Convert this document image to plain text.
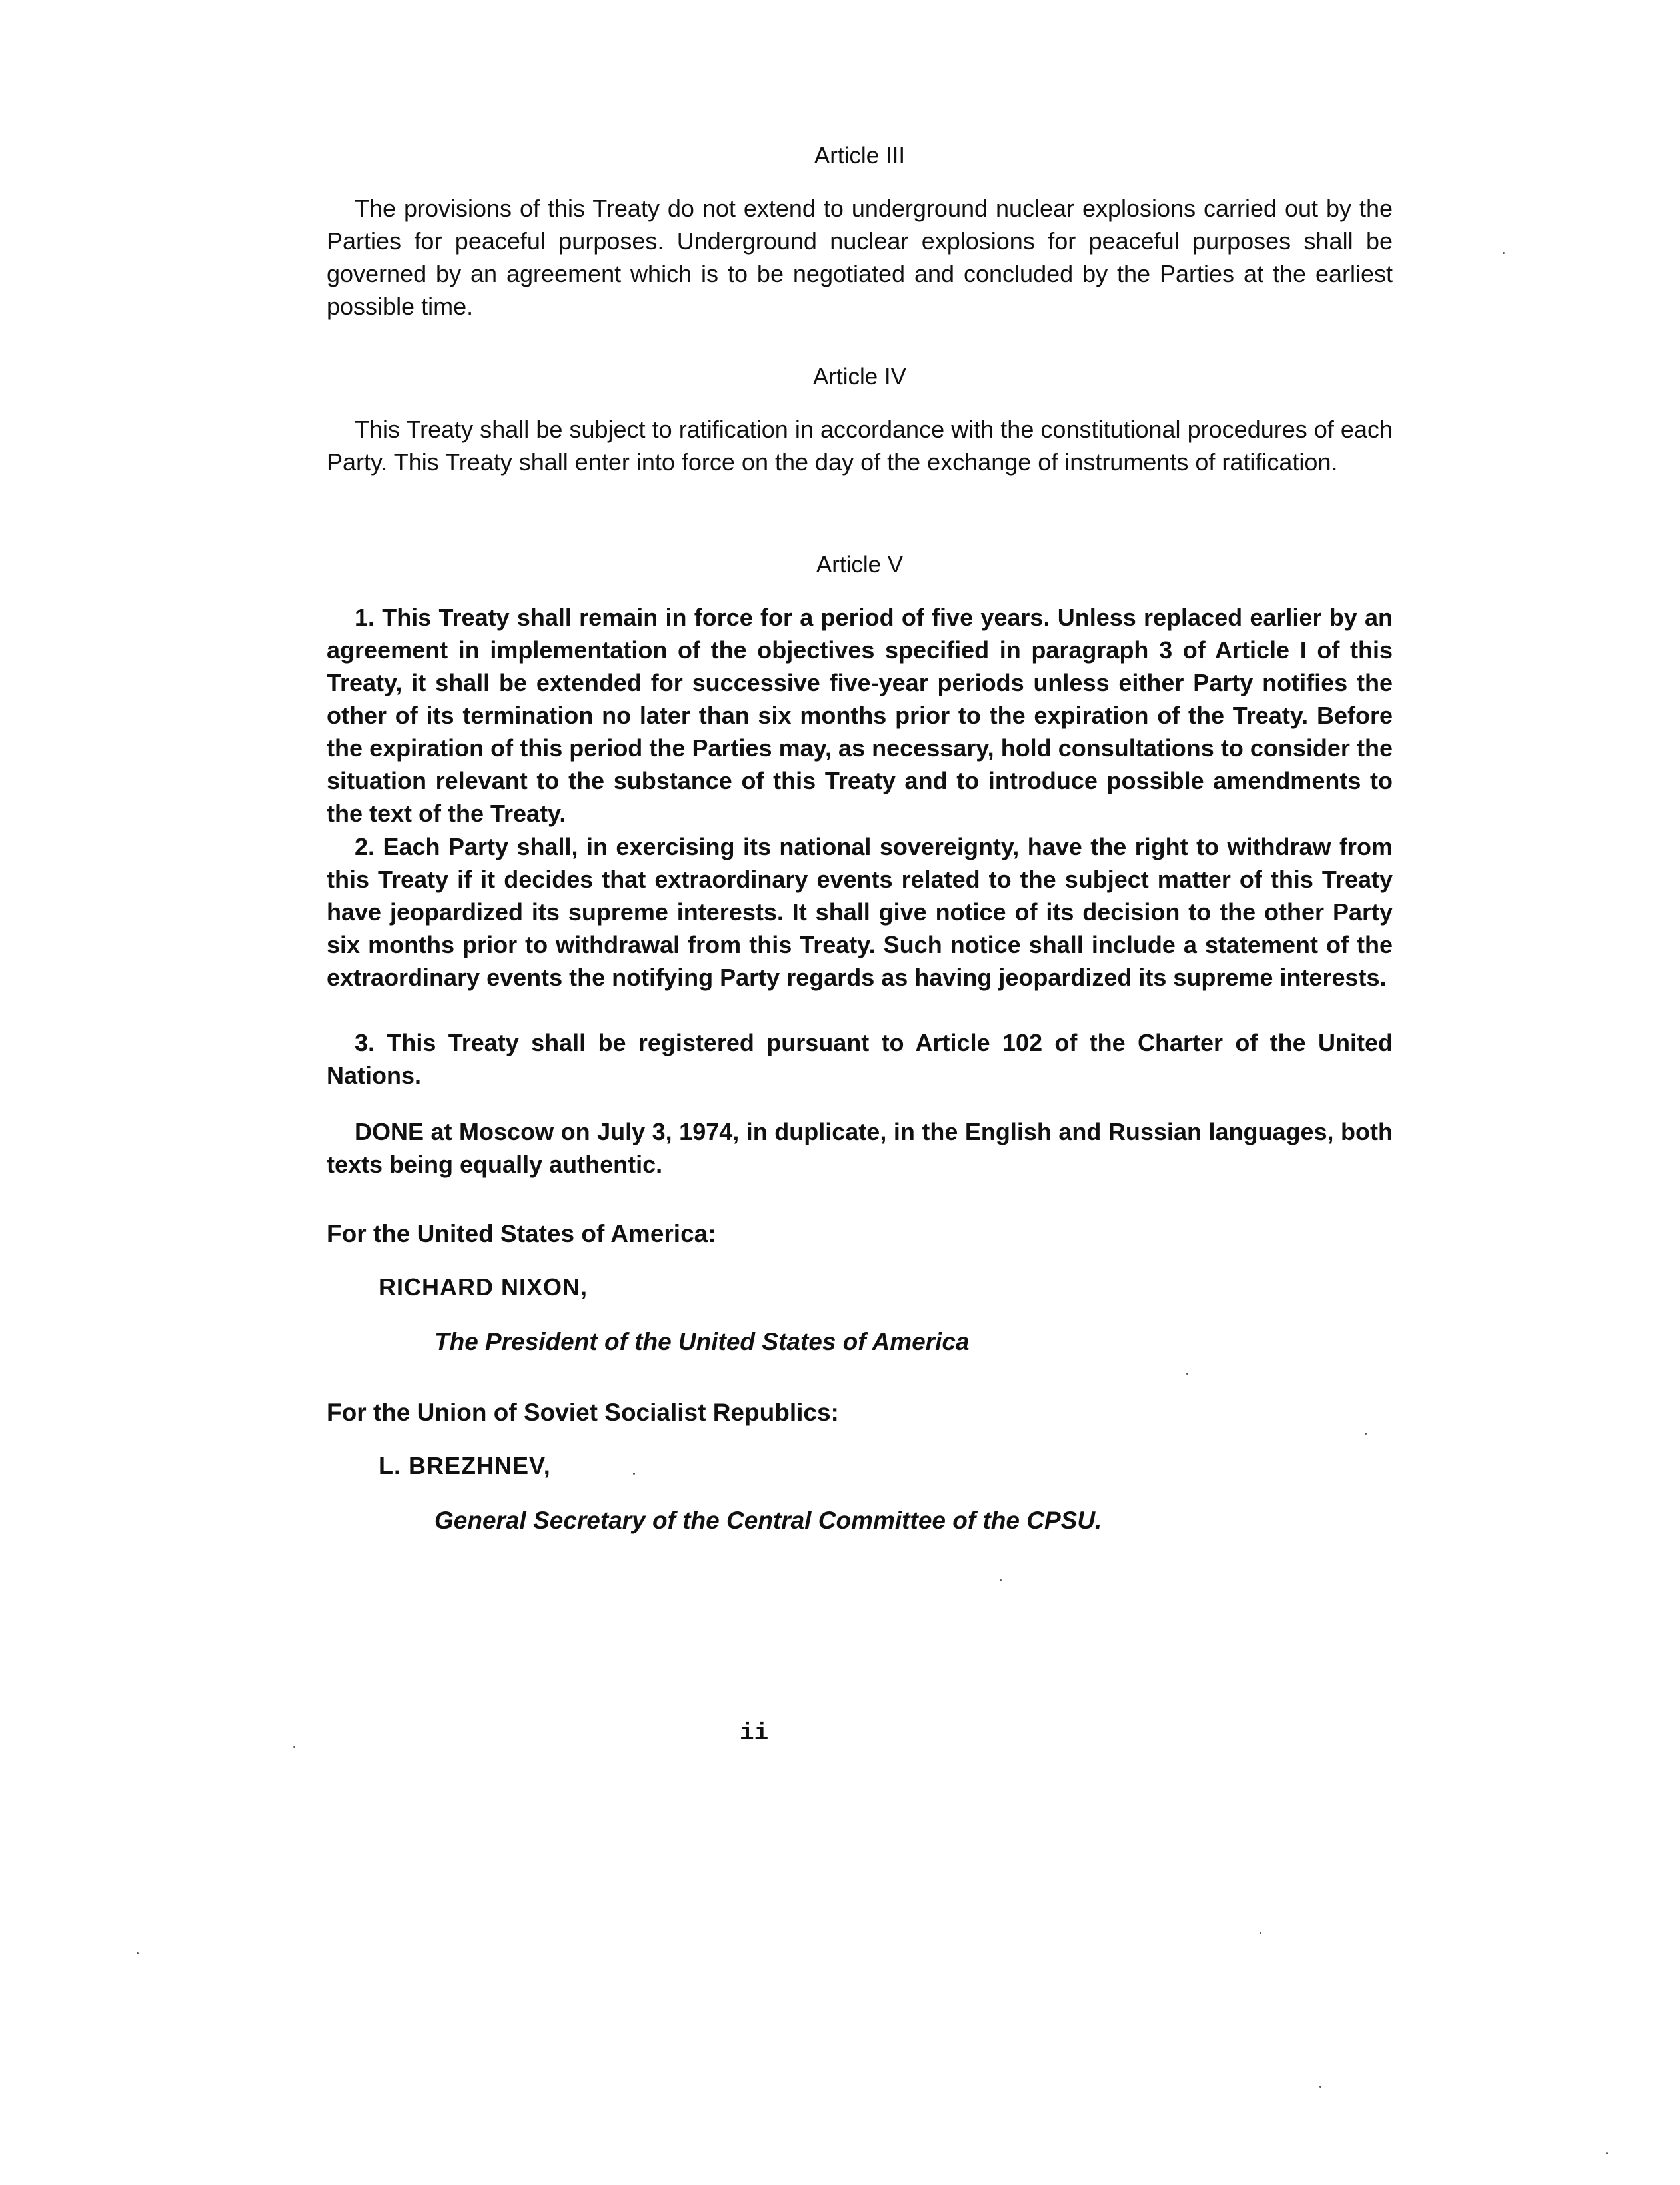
Article III

The provisions of this Treaty do not extend to underground nuclear explosions carried out by the Parties for peaceful purposes. Underground nuclear explosions for peaceful purposes shall be governed by an agreement which is to be negotiated and concluded by the Parties at the earliest possible time.

Article IV

This Treaty shall be subject to ratification in accordance with the constitutional procedures of each Party. This Treaty shall enter into force on the day of the exchange of instruments of ratification.

Article V

1. This Treaty shall remain in force for a period of five years. Unless replaced earlier by an agreement in implementation of the objectives specified in paragraph 3 of Article I of this Treaty, it shall be extended for successive five-year periods unless either Party notifies the other of its termination no later than six months prior to the expiration of the Treaty. Before the expiration of this period the Parties may, as necessary, hold consultations to consider the situation relevant to the substance of this Treaty and to introduce possible amendments to the text of the Treaty.

2. Each Party shall, in exercising its national sovereignty, have the right to withdraw from this Treaty if it decides that extraordinary events related to the subject matter of this Treaty have jeopardized its supreme interests. It shall give notice of its decision to the other Party six months prior to withdrawal from this Treaty. Such notice shall include a statement of the extraordinary events the notifying Party regards as having jeopardized its supreme interests.

3. This Treaty shall be registered pursuant to Article 102 of the Charter of the United Nations.

DONE at Moscow on July 3, 1974, in duplicate, in the English and Russian languages, both texts being equally authentic.

For the United States of America:

RICHARD NIXON,

The President of the United States of America

For the Union of Soviet Socialist Republics:

L. BREZHNEV,

General Secretary of the Central Committee of the CPSU.

ii
